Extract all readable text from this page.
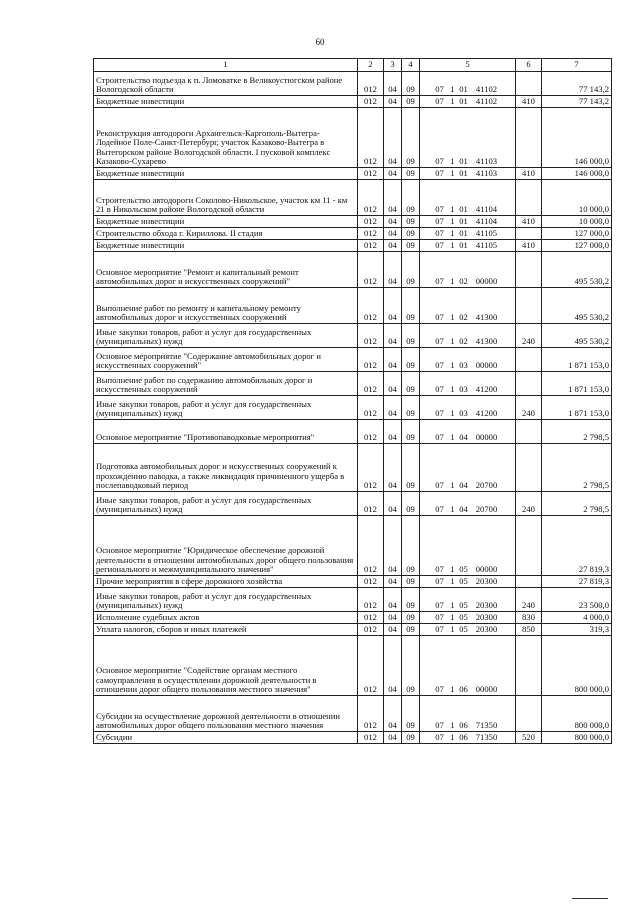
60
1	2	3	4	5	6	7
Строительство подъезда к п. Ломоватке в Великоустюгском районе Вологодской области	012	04	09	07 1 01 41102		77 143,2
Бюджетные инвестиции	012	04	09	07 1 01 41102	410	77 143,2
Реконструкция автодороги Архангельск-Каргополь-Вытегра-Лодейное Поле-Санкт-Петербург, участок Казаково-Вытегра в Вытегорском районе Вологодской области. I пусковой комплекс Казаково-Сухарево	012	04	09	07 1 01 41103		146 000,0
Бюджетные инвестиции	012	04	09	07 1 01 41103	410	146 000,0
Строительство автодороги Соколово-Никольское, участок км 11 - км 21 в Никольском районе Вологодской области	012	04	09	07 1 01 41104		10 000,0
Бюджетные инвестиции	012	04	09	07 1 01 41104	410	10 000,0
Строительство обхода г. Кириллова. II стадия	012	04	09	07 1 01 41105		127 000,0
Бюджетные инвестиции	012	04	09	07 1 01 41105	410	127 000,0
Основное мероприятие "Ремонт и капитальный ремонт автомобильных дорог и искусственных сооружений"	012	04	09	07 1 02 00000		495 530,2
Выполнение работ по ремонту и капитальному ремонту автомобильных дорог и искусственных сооружений	012	04	09	07 1 02 41300		495 530,2
Иные закупки товаров, работ и услуг для государственных (муниципальных) нужд	012	04	09	07 1 02 41300	240	495 530,2
Основное мероприятие "Содержание автомобильных дорог и искусственных сооружений"	012	04	09	07 1 03 00000		1 871 153,0
Выполнение работ по содержанию автомобильных дорог и искусственных сооружений	012	04	09	07 1 03 41200		1 871 153,0
Иные закупки товаров, работ и услуг для государственных (муниципальных) нужд	012	04	09	07 1 03 41200	240	1 871 153,0
Основное мероприятие "Противопаводковые мероприятия"	012	04	09	07 1 04 00000		2 798,5
Подготовка автомобильных дорог и искусственных сооружений к прохождению паводка, а также ликвидация причиненного ущерба в послепаводковый период	012	04	09	07 1 04 20700		2 798,5
Иные закупки товаров, работ и услуг для государственных (муниципальных) нужд	012	04	09	07 1 04 20700	240	2 798,5
Основное мероприятие "Юридическое обеспечение дорожной деятельности в отношении автомобильных дорог общего пользования регионального и межмуниципального значения"	012	04	09	07 1 05 00000		27 819,3
Прочие мероприятия в сфере дорожного хозяйства	012	04	09	07 1 05 20300		27 819,3
Иные закупки товаров, работ и услуг для государственных (муниципальных) нужд	012	04	09	07 1 05 20300	240	23 500,0
Исполнение судебных актов	012	04	09	07 1 05 20300	830	4 000,0
Уплата налогов, сборов и иных платежей	012	04	09	07 1 05 20300	850	319,3
Основное мероприятие "Содействие органам местного самоуправления в осуществлении дорожной деятельности в отношении дорог общего пользования местного значения"	012	04	09	07 1 06 00000		800 000,0
Субсидии на осуществление дорожной деятельности в отношении автомобильных дорог общего пользования местного значения	012	04	09	07 1 06 71350		800 000,0
Субсидии	012	04	09	07 1 06 71350	520	800 000,0
